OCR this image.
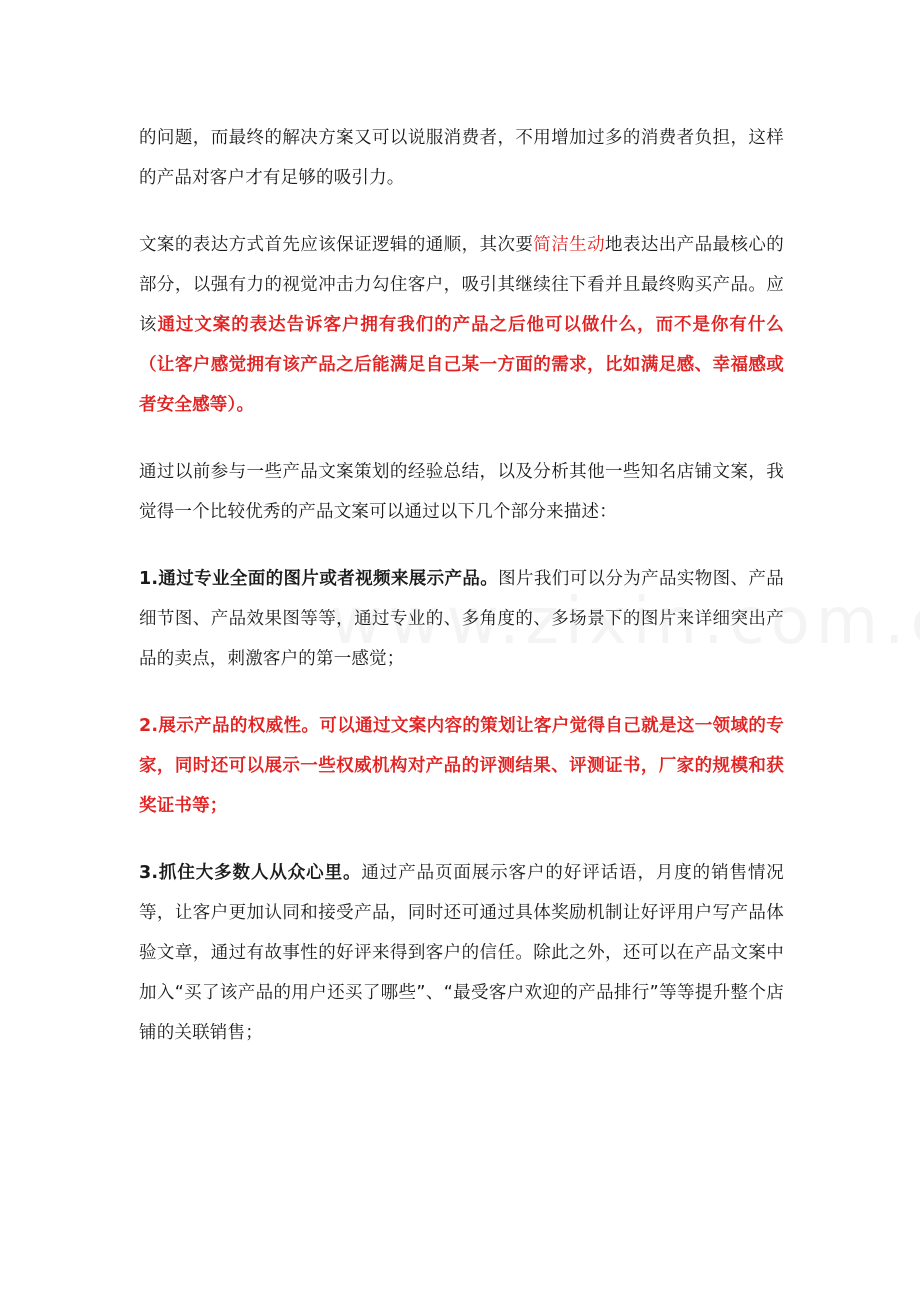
的问题，而最终的解决方案又可以说服消费者，不用增加过多的消费者负担，这样的产品对客户才有足够的吸引力。

文案的表达方式首先应该保证逻辑的通顺，其次要简洁生动地表达出产品最核心的部分，以强有力的视觉冲击力勾住客户，吸引其继续往下看并且最终购买产品。应该通过文案的表达告诉客户拥有我们的产品之后他可以做什么，而不是你有什么（让客户感觉拥有该产品之后能满足自己某一方面的需求，比如满足感、幸福感或者安全感等）。

通过以前参与一些产品文案策划的经验总结，以及分析其他一些知名店铺文案，我觉得一个比较优秀的产品文案可以通过以下几个部分来描述：

1.通过专业全面的图片或者视频来展示产品。图片我们可以分为产品实物图、产品细节图、产品效果图等等，通过专业的、多角度的、多场景下的图片来详细突出产品的卖点，刺激客户的第一感觉；

2.展示产品的权威性。可以通过文案内容的策划让客户觉得自己就是这一领域的专家，同时还可以展示一些权威机构对产品的评测结果、评测证书，厂家的规模和获奖证书等；

3.抓住大多数人从众心里。通过产品页面展示客户的好评话语，月度的销售情况等，让客户更加认同和接受产品，同时还可通过具体奖励机制让好评用户写产品体验文章，通过有故事性的好评来得到客户的信任。除此之外，还可以在产品文案中加入“买了该产品的用户还买了哪些”、“最受客户欢迎的产品排行”等等提升整个店铺的关联销售；
